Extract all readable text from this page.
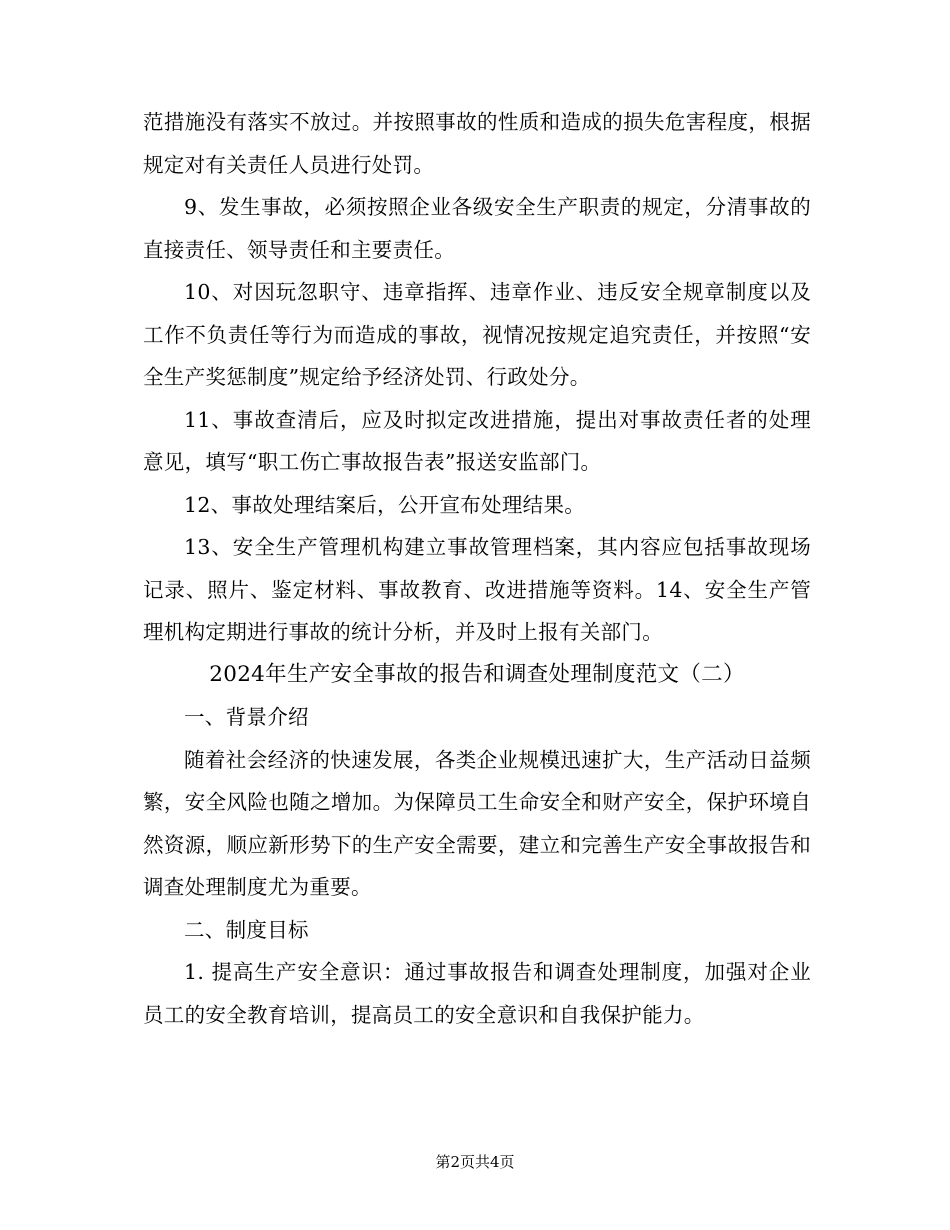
范措施没有落实不放过。并按照事故的性质和造成的损失危害程度，根据规定对有关责任人员进行处罚。

9、发生事故，必须按照企业各级安全生产职责的规定，分清事故的直接责任、领导责任和主要责任。

10、对因玩忽职守、违章指挥、违章作业、违反安全规章制度以及工作不负责任等行为而造成的事故，视情况按规定追究责任，并按照“安全生产奖惩制度”规定给予经济处罚、行政处分。

11、事故查清后，应及时拟定改进措施，提出对事故责任者的处理意见，填写“职工伤亡事故报告表”报送安监部门。

12、事故处理结案后，公开宣布处理结果。

13、安全生产管理机构建立事故管理档案，其内容应包括事故现场记录、照片、鉴定材料、事故教育、改进措施等资料。14、安全生产管理机构定期进行事故的统计分析，并及时上报有关部门。

2024年生产安全事故的报告和调查处理制度范文（二）

一、背景介绍

随着社会经济的快速发展，各类企业规模迅速扩大，生产活动日益频繁，安全风险也随之增加。为保障员工生命安全和财产安全，保护环境自然资源，顺应新形势下的生产安全需要，建立和完善生产安全事故报告和调查处理制度尤为重要。

二、制度目标

1. 提高生产安全意识：通过事故报告和调查处理制度，加强对企业员工的安全教育培训，提高员工的安全意识和自我保护能力。

第2页共4页
